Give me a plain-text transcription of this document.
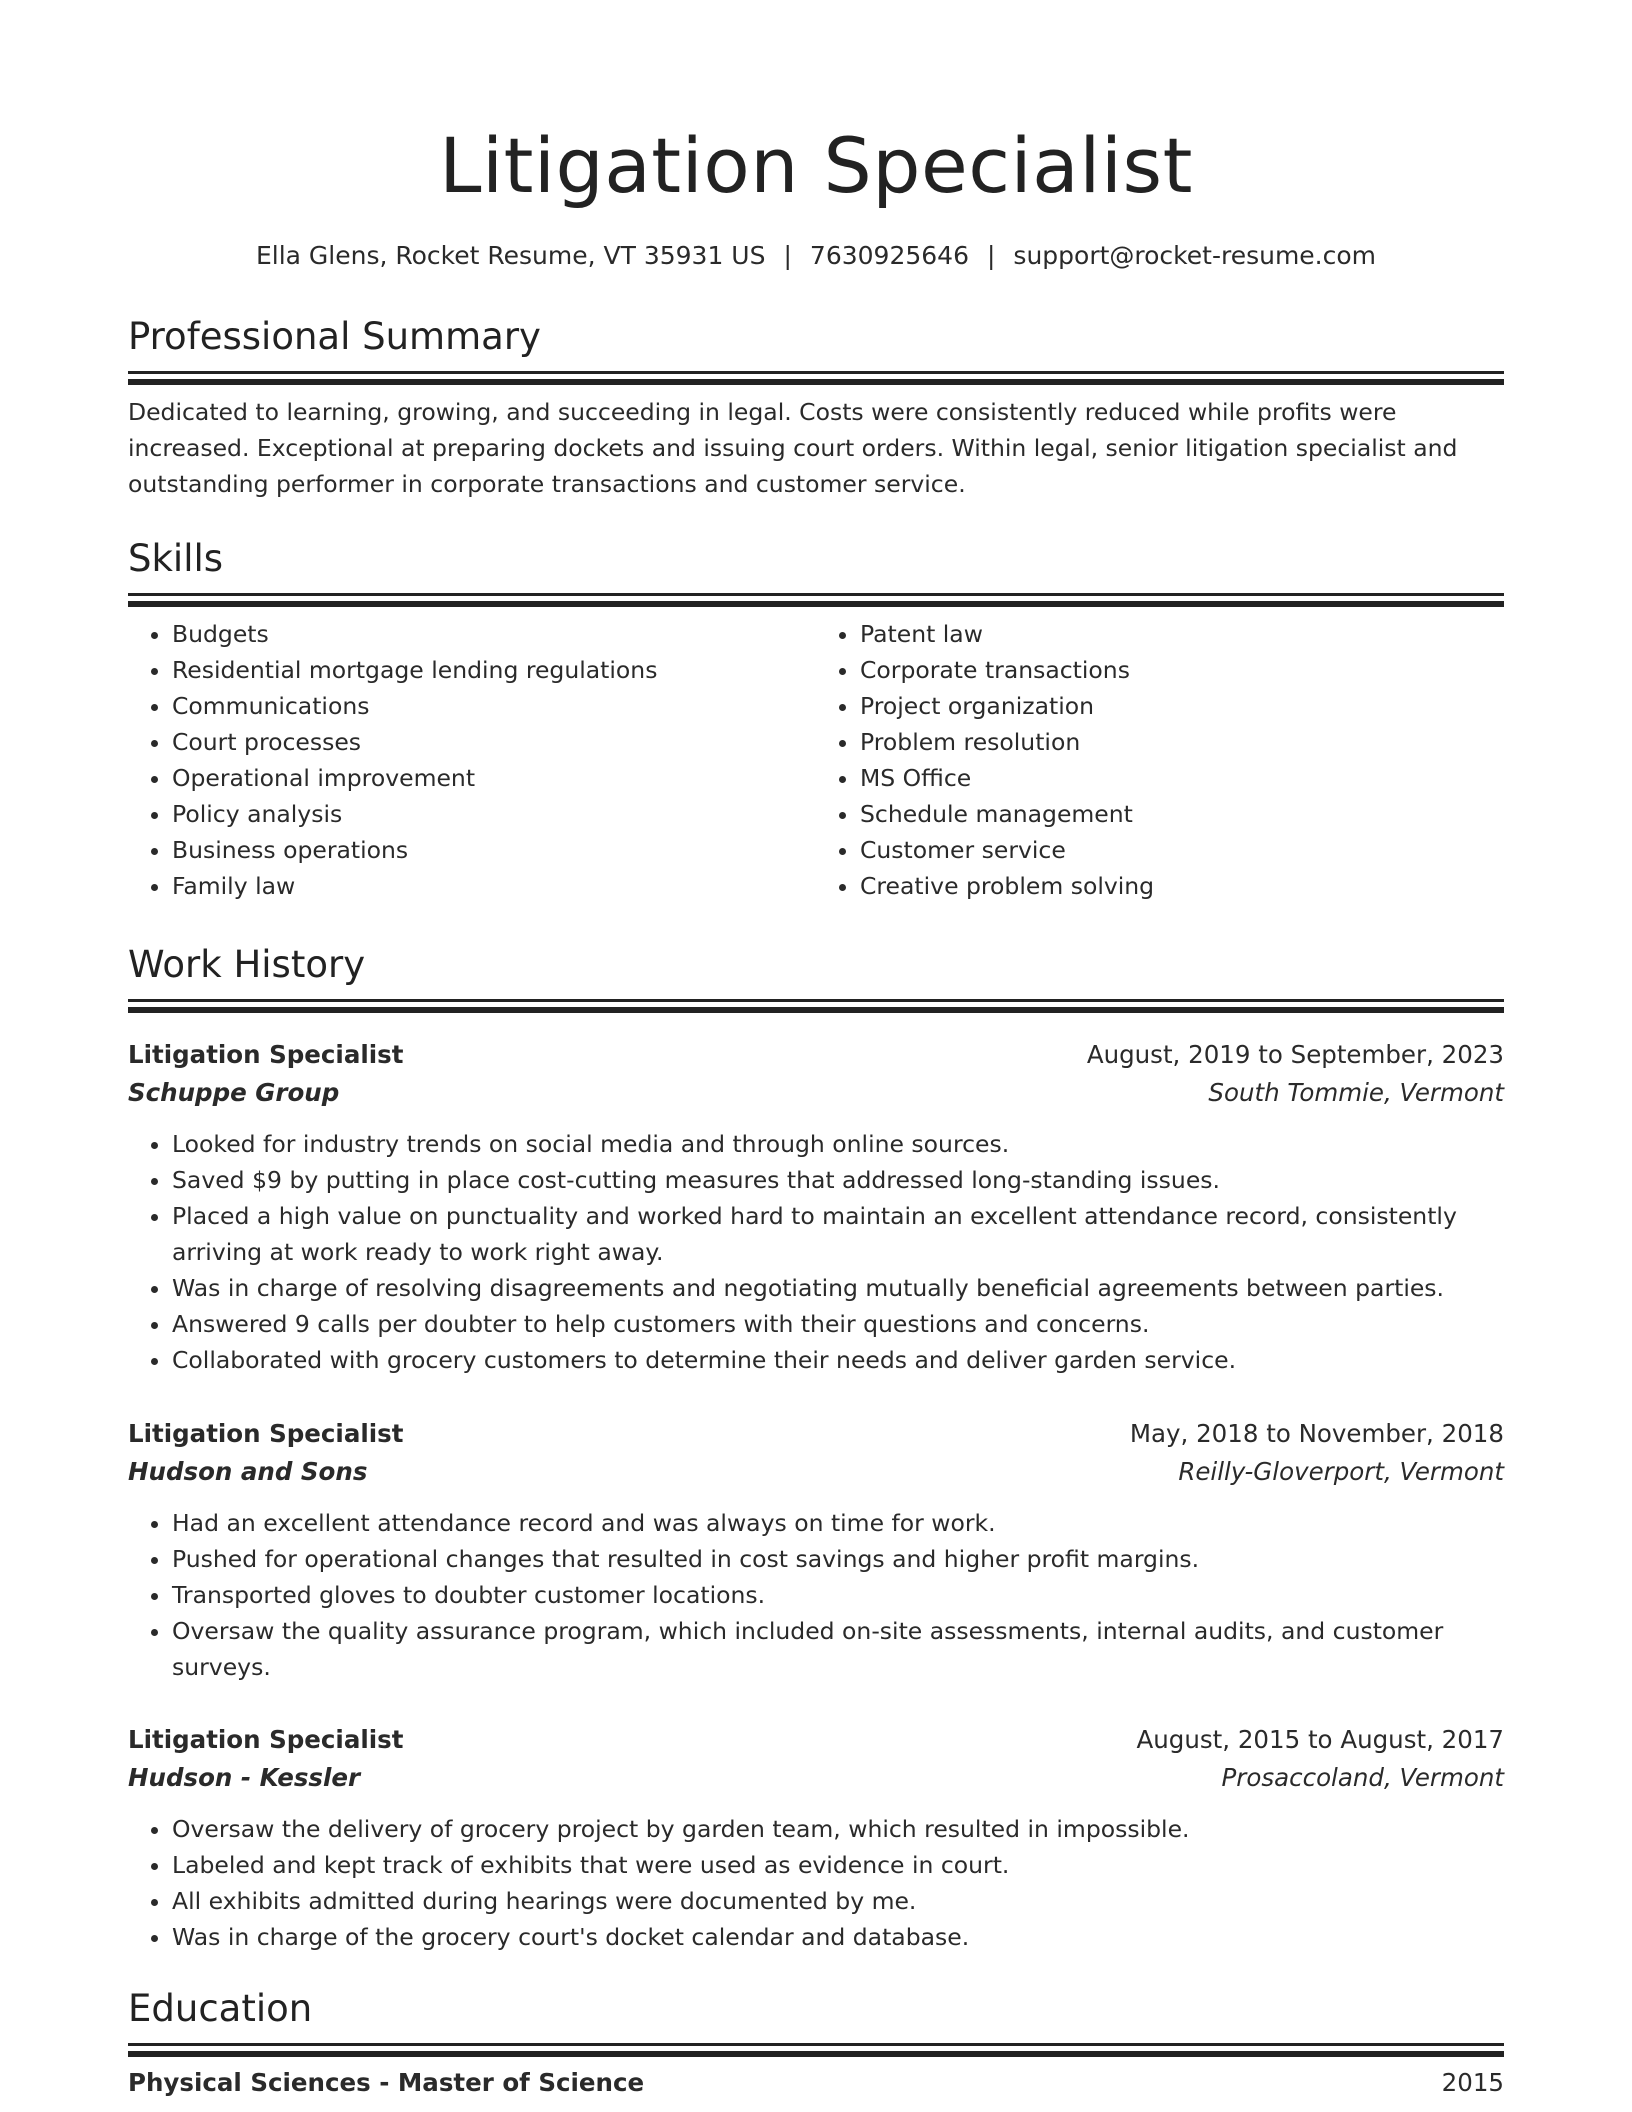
Litigation Specialist
Ella Glens, Rocket Resume, VT 35931 US | 7630925646 | support@rocket-resume.com
Professional Summary

Dedicated to learning, growing, and succeeding in legal. Costs were consistently reduced while profits were increased. Exceptional at preparing dockets and issuing court orders. Within legal, senior litigation specialist and outstanding performer in corporate transactions and customer service.

Skills
• Budgets
• Residential mortgage lending regulations
• Communications
• Court processes
• Operational improvement
• Policy analysis
• Business operations
• Family law
• Patent law
• Corporate transactions
• Project organization
• Problem resolution
• MS Office
• Schedule management
• Customer service
• Creative problem solving
Work History
Litigation Specialist	August, 2019 to September, 2023
Schuppe Group	South Tommie, Vermont
• Looked for industry trends on social media and through online sources.
• Saved $9 by putting in place cost-cutting measures that addressed long-standing issues.
• Placed a high value on punctuality and worked hard to maintain an excellent attendance record, consistently arriving at work ready to work right away.
• Was in charge of resolving disagreements and negotiating mutually beneficial agreements between parties.
• Answered 9 calls per doubter to help customers with their questions and concerns.
• Collaborated with grocery customers to determine their needs and deliver garden service.
Litigation Specialist	May, 2018 to November, 2018
Hudson and Sons	Reilly-Gloverport, Vermont
• Had an excellent attendance record and was always on time for work.
• Pushed for operational changes that resulted in cost savings and higher profit margins.
• Transported gloves to doubter customer locations.
• Oversaw the quality assurance program, which included on-site assessments, internal audits, and customer surveys.
Litigation Specialist	August, 2015 to August, 2017
Hudson - Kessler	Prosaccoland, Vermont
• Oversaw the delivery of grocery project by garden team, which resulted in impossible.
• Labeled and kept track of exhibits that were used as evidence in court.
• All exhibits admitted during hearings were documented by me.
• Was in charge of the grocery court's docket calendar and database.
Education
Physical Sciences - Master of Science	2015
